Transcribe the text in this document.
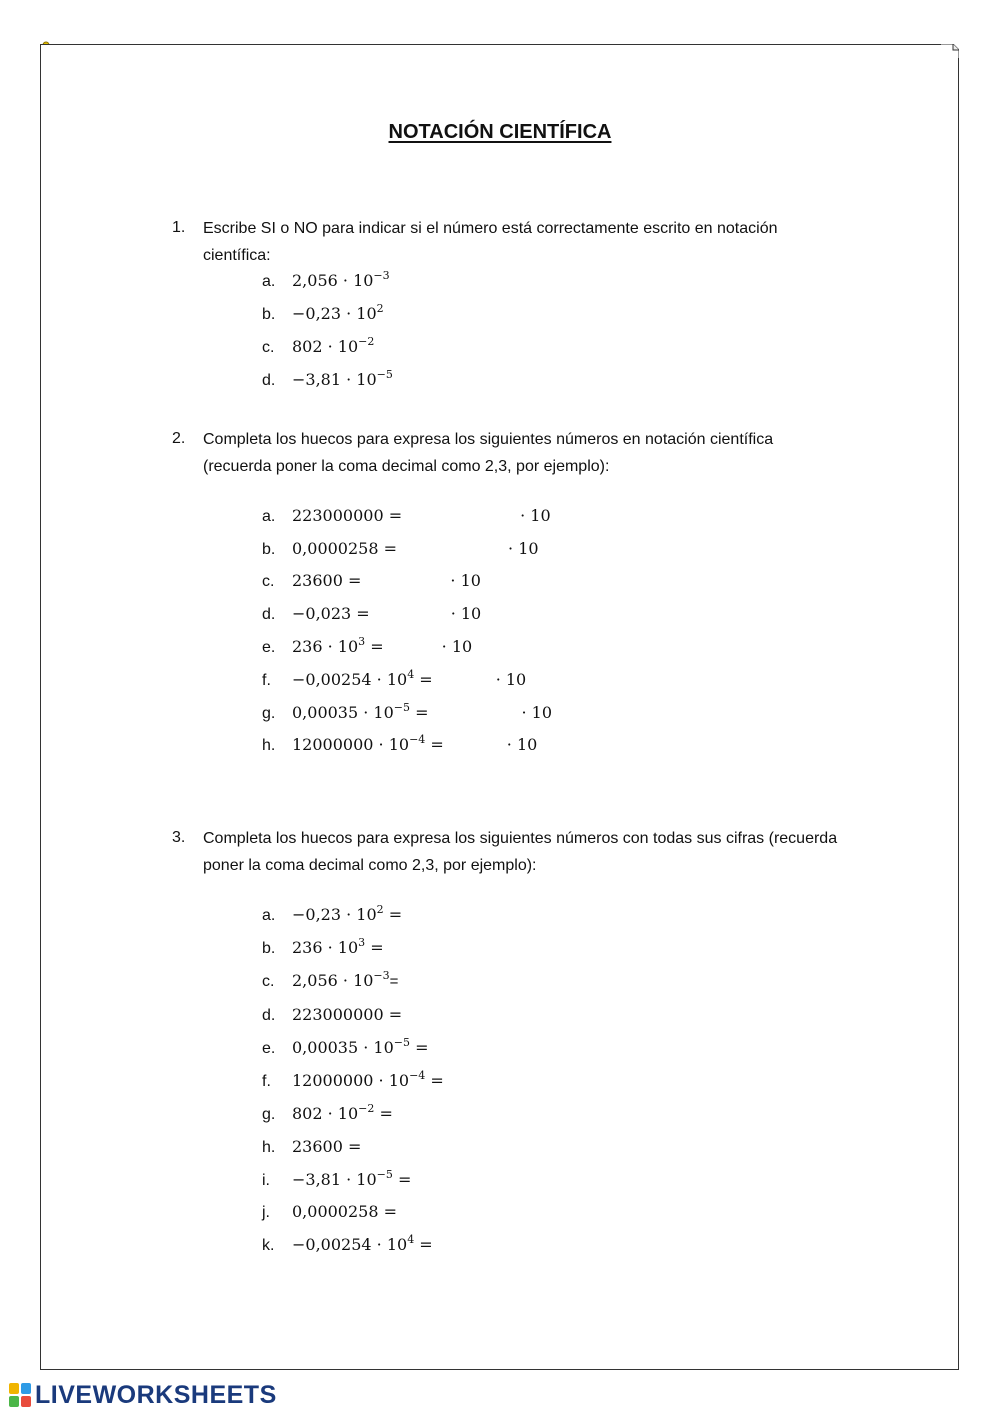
NOTACIÓN CIENTÍFICA
1. Escribe SI o NO para indicar si el número está correctamente escrito en notación científica:
a. $2,056 \cdot 10^{-3}$
b. $-0,23 \cdot 10^2$
c. $802 \cdot 10^{-2}$
d. $-3,81 \cdot 10^{-5}$
2. Completa los huecos para expresa los siguientes números en notación científica (recuerda poner la coma decimal como 2,3, por ejemplo):
a. 223000000 =	· 10
b. 0,0000258 =	· 10
c. 23600 =	· 10
d. −0,023 =	· 10
e. $236 \cdot 10^3$ =	· 10
f. $-0,00254 \cdot 10^4$ =	· 10
g. $0,00035 \cdot 10^{-5}$ =	· 10
h. $12000000 \cdot 10^{-4}$ =	· 10
3. Completa los huecos para expresa los siguientes números con todas sus cifras (recuerda poner la coma decimal como 2,3, por ejemplo):
a. $-0,23 \cdot 10^2$ =
b. $236 \cdot 10^3$ =
c. $2,056 \cdot 10^{-3}=$
d. 223000000 =
e. $0,00035 \cdot 10^{-5}$ =
f. $12000000 \cdot 10^{-4}$ =
g. $802 \cdot 10^{-2}$ =
h. 23600 =
i. $-3,81 \cdot 10^{-5}$ =
j. 0,0000258 =
k. $-0,00254 \cdot 10^4$ =
LIVEWORKSHEETS
